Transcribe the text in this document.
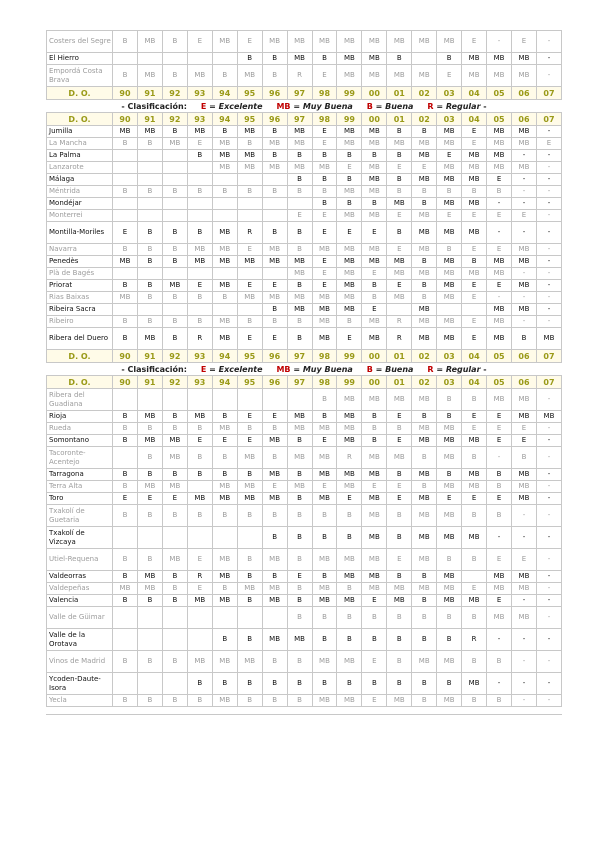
Costers del Segre	B	MB	B	E	MB	E	MB	MB	MB	MB	MB	MB	MB	MB	E	-	E	-
El Hierro						B	B	MB	B	MB	MB	B		B	MB	MB	MB	-
Empordá Costa Brava	B	MB	B	MB	B	MB	B	R	E	MB	MB	MB	MB	E	MB	MB	MB	-
D. O.	90	91	92	93	94	95	96	97	98	99	00	01	02	03	04	05	06	07
- Clasificación: E = Excelente MB = Muy Buena B = Buena R = Regular -																		
D. O.	90	91	92	93	94	95	96	97	98	99	00	01	02	03	04	05	06	07
Jumilla	MB	MB	B	MB	B	MB	B	MB	E	MB	MB	B	B	MB	E	MB	MB	-
La Mancha	B	B	MB	E	MB	B	MB	MB	E	MB	MB	MB	MB	MB	E	MB	MB	E
La Palma				B	MB	MB	B	B	B	B	B	B	MB	E	MB	MB	-	-
Lanzarote					MB	MB	MB	MB	MB	E	MB	E	E	MB	MB	MB	MB	-
Málaga								B	B	B	MB	B	MB	MB	MB	E	-	-
Méntrida	B	B	B	B	B	B	B	B	B	MB	MB	B	B	B	B	B	-	-
Mondéjar									B	B	B	MB	B	MB	MB	-	-	-
Monterrei								E	E	MB	MB	E	MB	E	E	E	E	-
Montilla-Moriles	E	B	B	B	MB	R	B	B	E	E	E	B	MB	MB	MB	-	-	-
Navarra	B	B	B	MB	MB	E	MB	B	MB	MB	MB	E	MB	B	E	E	MB	-
Penedès	MB	B	B	MB	MB	MB	MB	MB	E	MB	MB	MB	B	MB	B	MB	MB	-
Plà de Bagés								MB	E	MB	E	MB	MB	MB	MB	MB	-	-
Priorat	B	B	MB	E	MB	E	E	B	E	MB	B	E	B	MB	E	E	MB	-
Rias Baixas	MB	B	B	B	B	MB	MB	MB	MB	MB	B	MB	B	MB	E	-	-	-
Ribeira Sacra							B	MB	MB	MB	E		MB			MB	MB	-
Ribeiro	B	B	B	B	MB	B	B	B	MB	B	MB	R	MB	MB	E	MB	-	-
Ribera del Duero	B	MB	B	R	MB	E	E	B	MB	E	MB	R	MB	MB	E	MB	B	MB
D. O.	90	91	92	93	94	95	96	97	98	99	00	01	02	03	04	05	06	07
- Clasificación: E = Excelente MB = Muy Buena B = Buena R = Regular -																		
D. O.	90	91	92	93	94	95	96	97	98	99	00	01	02	03	04	05	06	07
Ribera del Guadiana									B	MB	MB	MB	MB	B	B	MB	MB	-
Rioja	B	MB	B	MB	B	E	E	MB	B	MB	B	E	B	B	E	E	MB	MB
Rueda	B	B	B	B	MB	B	B	MB	MB	MB	B	B	MB	MB	E	E	E	-
Somontano	B	MB	MB	E	E	E	MB	B	E	MB	B	E	MB	MB	MB	E	E	-
Tacoronte-Acentejo		B	MB	B	B	MB	B	MB	MB	R	MB	MB	B	MB	B	-	B	-
Tarragona	B	B	B	B	B	B	MB	B	MB	MB	MB	B	MB	B	MB	B	MB	-
Terra Alta	B	MB	MB		MB	MB	E	MB	E	MB	E	E	B	MB	MB	B	MB	-
Toro	E	E	E	MB	MB	MB	MB	B	MB	E	MB	E	MB	E	E	E	MB	-
Txakolí de Guetaria	B	B	B	B	B	B	B	B	B	B	MB	B	MB	MB	B	B	-	-
Txakolí de Vizcaya							B	B	B	B	MB	B	MB	MB	MB	-	-	-
Utiel-Requena	B	B	MB	E	MB	B	MB	B	MB	MB	MB	E	MB	B	B	E	E	-
Valdeorras	B	MB	B	R	MB	B	B	E	B	MB	MB	B	B	MB		MB	MB	-
Valdepeñas	MB	MB	B	E	B	MB	MB	B	MB	B	MB	MB	MB	MB	E	MB	MB	-
Valencia	B	B	B	MB	MB	B	MB	B	MB	MB	E	MB	B	MB	MB	E	-	-
Valle de Güimar								B	B	B	B	B	B	B	B	MB	MB	-
Valle de la Orotava					B	B	MB	MB	B	B	B	B	B	B	R	-	-	-
Vinos de Madrid	B	B	B	MB	MB	MB	B	B	MB	MB	E	B	MB	MB	B	B	-	-
Ycoden-Daute-Isora				B	B	B	B	B	B	B	B	B	B	B	MB	-	-	-
Yecla	B	B	B	B	MB	B	B	B	MB	MB	E	MB	B	MB	B	B	-	-
